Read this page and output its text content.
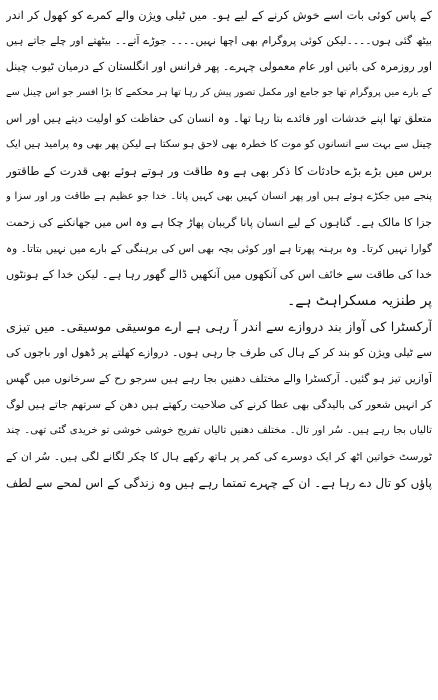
کے پاس کوئی بات اسے خوش کرنے کے لیے ہو۔ میں ٹیلی ویژن والے کمرے کو کھول کر اندر
بیٹھ گئی ہوں۔۔۔۔لیکن کوئی پروگرام بھی اچھا نہیں۔۔۔۔ جوڑے آتے۔۔ بیٹھتے اور چلے جاتے ہیں
اور روزمرہ کی باتیں اور عام معمولی چہرے۔ پھر فرانس اور انگلستان کے درمیان ٹیوب چینل
کے بارے میں پروگرام تھا جو جامع اور مکمل تصور پیش کر رہا تھا ہر محکمے کا بڑا افسر جو اس چینل سے
متعلق تھا اپنے خدشات اور فائدے بتا رہا تھا۔ وہ انسان کی حفاظت کو اولیت دیتے ہیں اور اس
چینل سے بہت سے انسانوں کو موت کا خطرہ بھی لاحق ہو سکتا ہے لیکن پھر بھی وہ پرامید ہیں ایک
برس میں بڑے بڑے حادثات کا ذکر بھی ہے وہ طاقت ور ہوتے ہوئے بھی قدرت کے طاقتور
پنجے میں جکڑے ہوئے ہیں اور پھر انسان کہیں بھی کہیں پاتا۔ خدا جو عظیم ہے طاقت ور اور سزا و
جزا کا مالک ہے۔ گناہوں کے لیے انسان پانا گریبان پھاڑ چکا ہے وہ اس میں جھانکنے کی زحمت
گوارا نہیں کرتا۔ وہ برہنہ پھرتا ہے اور کوئی بچہ بھی اس کی برہنگی کے بارے میں نہیں بتاتا۔ وہ
خدا کی طاقت سے خائف اس کی آنکھوں میں آنکھیں ڈالے گھور رہا ہے۔ لیکن خدا کے ہونٹوں
پر طنزیہ مسکراہٹ ہے۔
آرکسٹرا کی آواز بند دروازے سے اندر آ رہی ہے ارے موسیقی موسیقی۔ میں تیزی
سے ٹیلی ویژن کو بند کر کے ہال کی طرف جا رہی ہوں۔ دروازے کھلتے پر ڈھول اور باجوں کی
آوازیں تیز ہو گئیں۔ آرکسٹرا والے مختلف دھنیں بجا رہے ہیں سرجو رح کے سرخانوں میں گھس
کر انہیں شعور کی بالیدگی بھی عطا کرنے کی صلاحیت رکھتے ہیں دھن کے سرتھم جاتے ہیں لوگ
تالیاں بجا رہے ہیں۔ سُر اور تال۔ مختلف دھنیں تالیاں تفریح خوشی خوشی تو خریدی گئی تھی۔ چند
ٹورسٹ خواتین اٹھ کر ایک دوسرے کی کمر پر ہاتھ رکھے ہال کا چکر لگانے لگی ہیں۔ سُر ان کے
پاؤں کو تال دے رہا ہے۔ ان کے چہرے تمتما رہے ہیں وہ زندگی کے اس لمحے سے لطف
